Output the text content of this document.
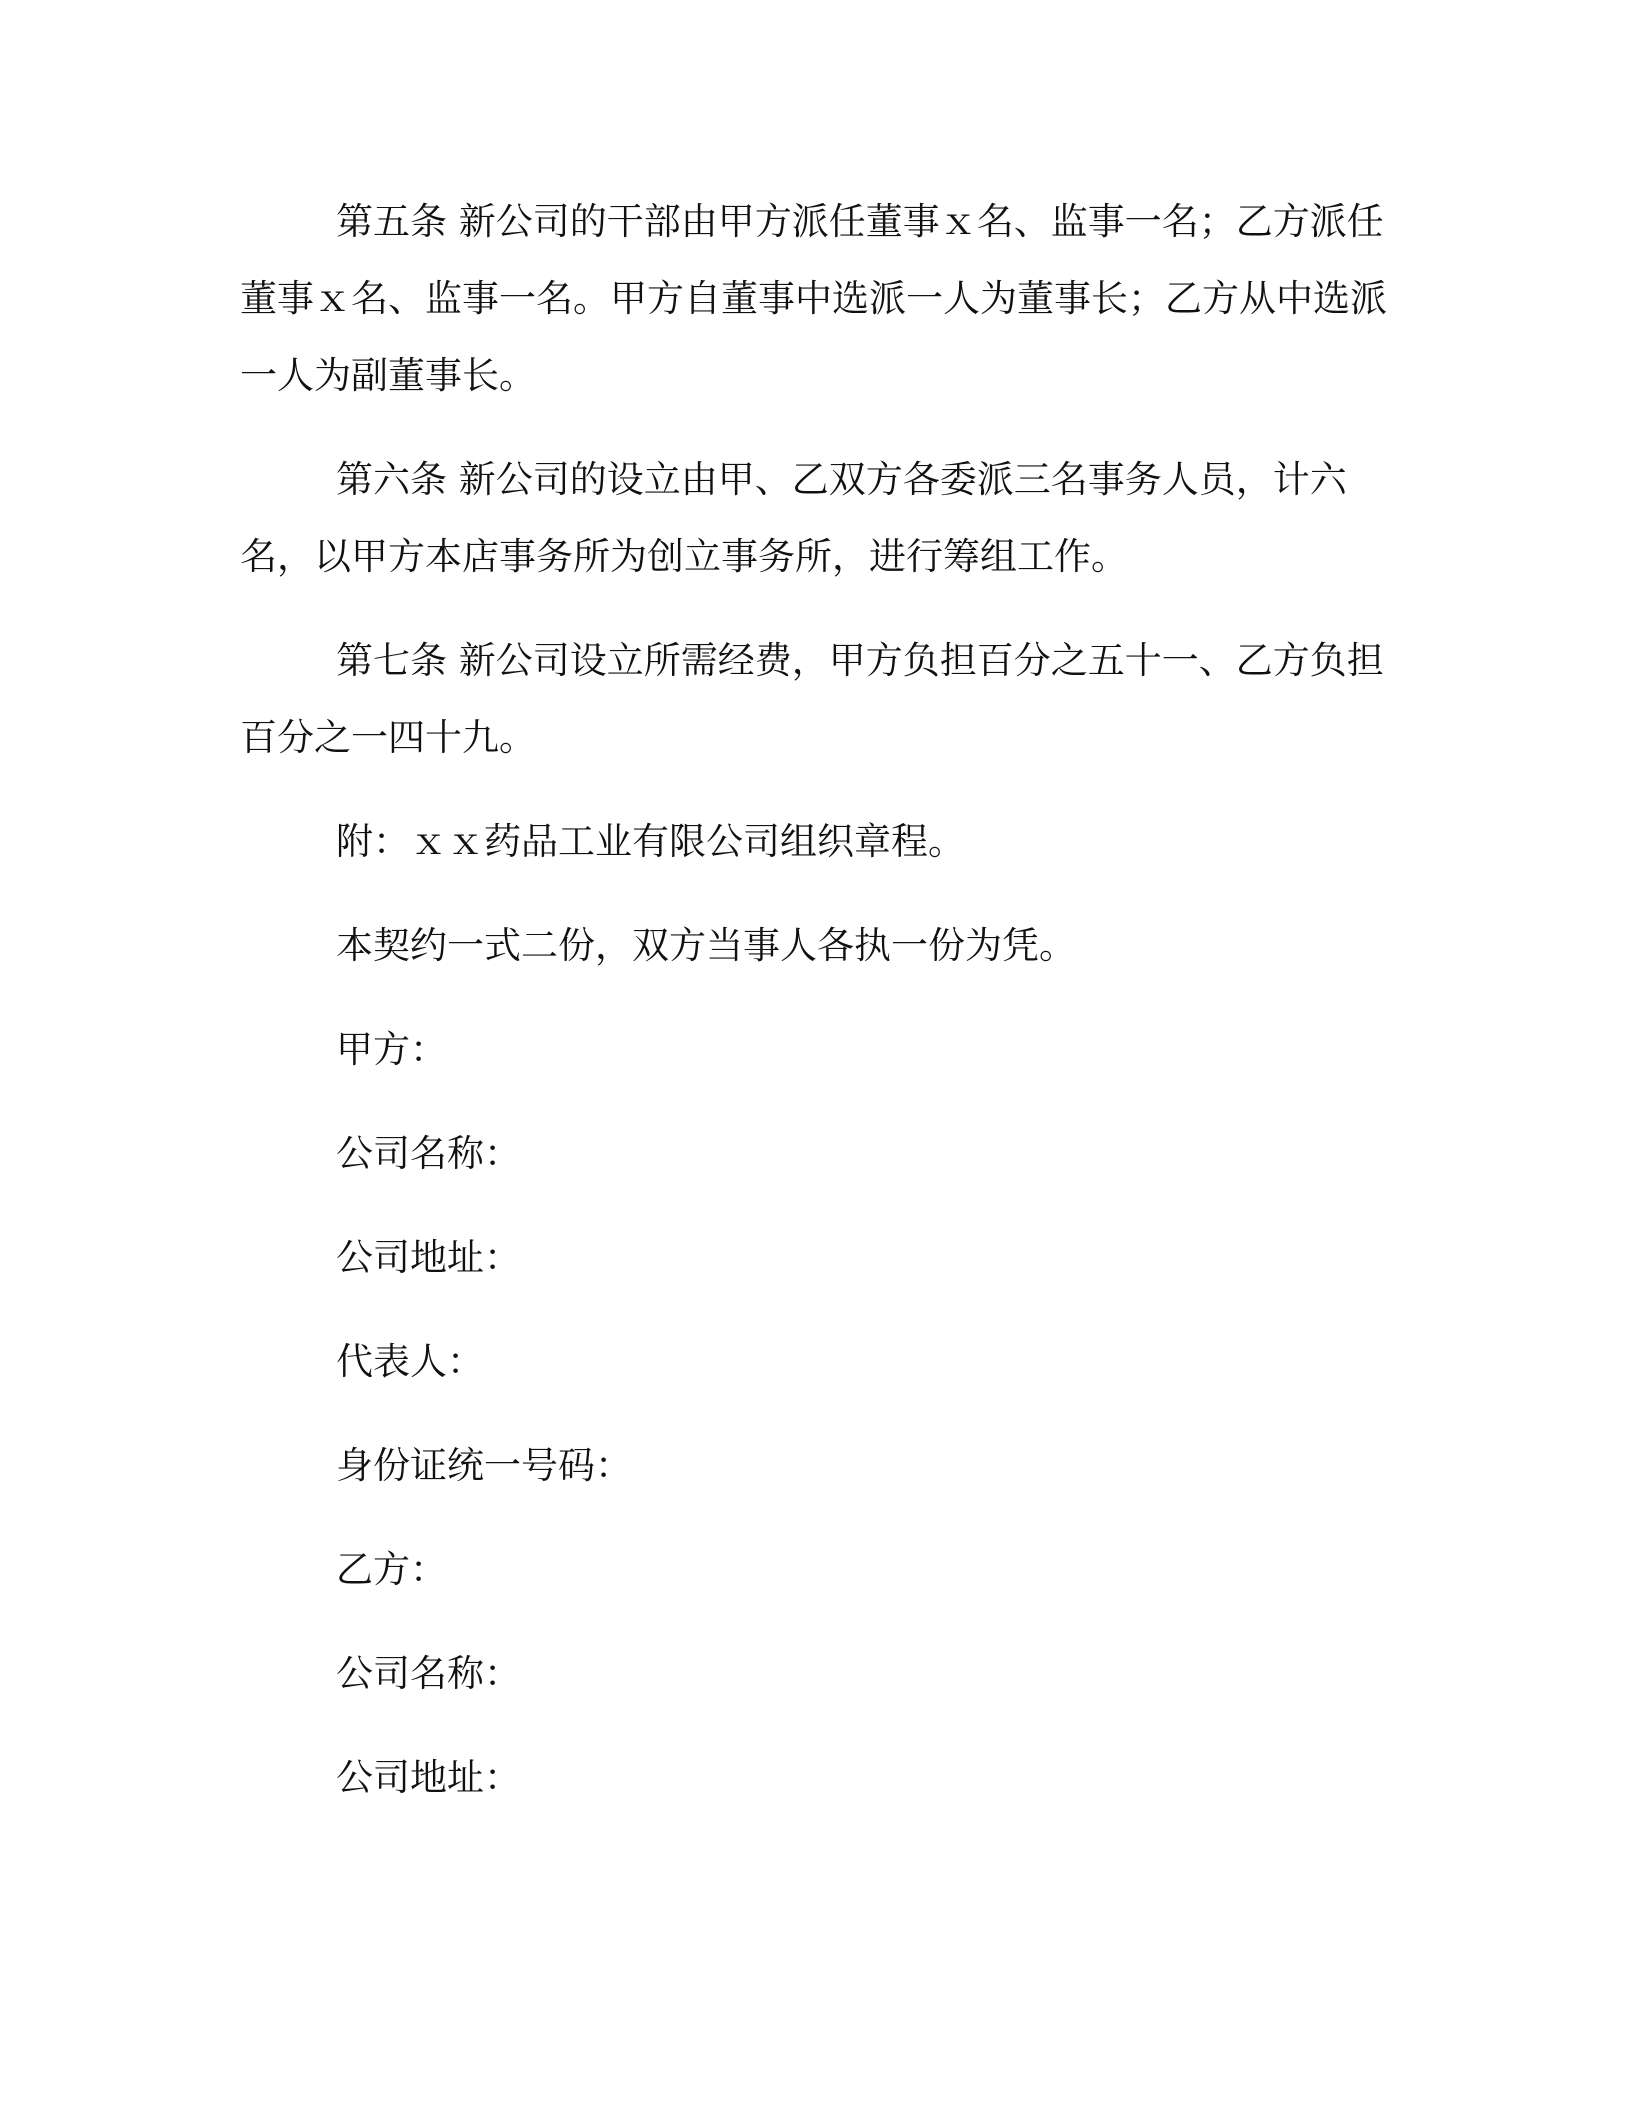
第五条 新公司的干部由甲方派任董事ｘ名、监事一名；乙方派任董事ｘ名、监事一名。甲方自董事中选派一人为董事长；乙方从中选派一人为副董事长。

第六条 新公司的设立由甲、乙双方各委派三名事务人员，计六名，以甲方本店事务所为创立事务所，进行筹组工作。

第七条 新公司设立所需经费，甲方负担百分之五十一、乙方负担百分之一四十九。

附：ｘｘ药品工业有限公司组织章程。

本契约一式二份，双方当事人各执一份为凭。

甲方：

公司名称：

公司地址：

代表人：

身份证统一号码：

乙方：

公司名称：

公司地址：
